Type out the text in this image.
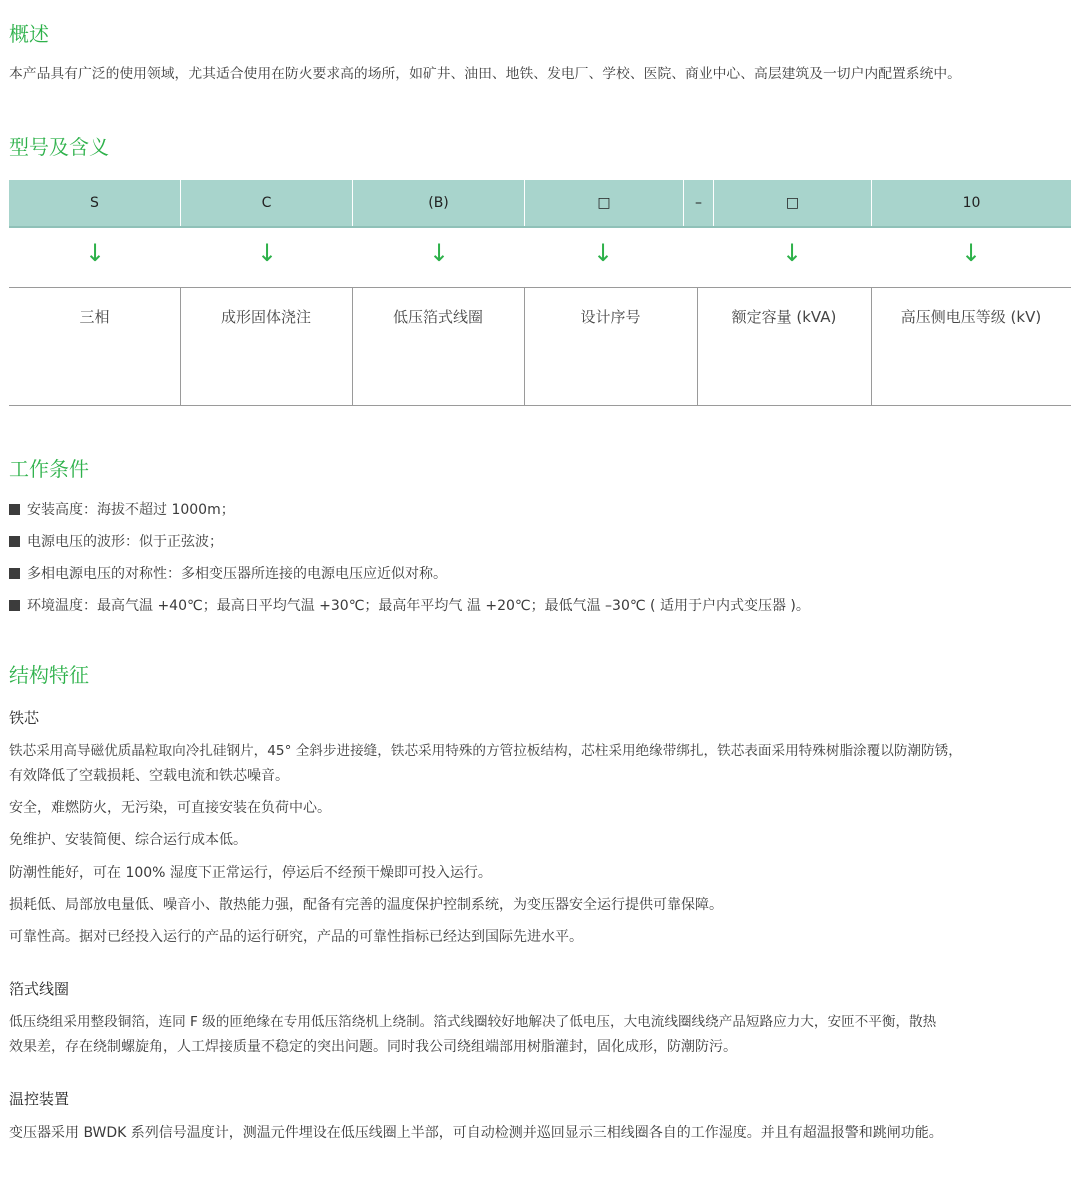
概述
本产品具有广泛的使用领域，尤其适合使用在防火要求高的场所，如矿井、油田、地铁、发电厂、学校、医院、商业中心、高层建筑及一切户内配置系统中。
型号及含义
S	C	(B)	□	–	□	10
↓	↓	↓	↓	↓	↓
三相	成形固体浇注	低压箔式线圈	设计序号	额定容量 (kVA)	高压侧电压等级 (kV)
工作条件
安装高度：海拔不超过 1000m；
电源电压的波形：似于正弦波；
多相电源电压的对称性：多相变压器所连接的电源电压应近似对称。
环境温度：最高气温 +40℃；最高日平均气温 +30℃；最高年平均气 温 +20℃；最低气温 –30℃ ( 适用于户内式变压器 )。
结构特征
铁芯
铁芯采用高导磁优质晶粒取向冷扎硅钢片，45° 全斜步进接缝，铁芯采用特殊的方管拉板结构，芯柱采用绝缘带绑扎，铁芯表面采用特殊树脂涂覆以防潮防锈，
有效降低了空载损耗、空载电流和铁芯噪音。
安全，难燃防火，无污染，可直接安装在负荷中心。
免维护、安装简便、综合运行成本低。
防潮性能好，可在 100% 湿度下正常运行，停运后不经预干燥即可投入运行。
损耗低、局部放电量低、噪音小、散热能力强，配备有完善的温度保护控制系统，为变压器安全运行提供可靠保障。
可靠性高。据对已经投入运行的产品的运行研究，产品的可靠性指标已经达到国际先进水平。
箔式线圈
低压绕组采用整段铜箔，连同 F 级的匝绝缘在专用低压箔绕机上绕制。箔式线圈较好地解决了低电压，大电流线圈线绕产品短路应力大，安匝不平衡，散热
效果差，存在绕制螺旋角，人工焊接质量不稳定的突出问题。同时我公司绕组端部用树脂灌封，固化成形，防潮防污。
温控装置
变压器采用 BWDK 系列信号温度计，测温元件埋设在低压线圈上半部，可自动检测并巡回显示三相线圈各自的工作湿度。并且有超温报警和跳闸功能。
